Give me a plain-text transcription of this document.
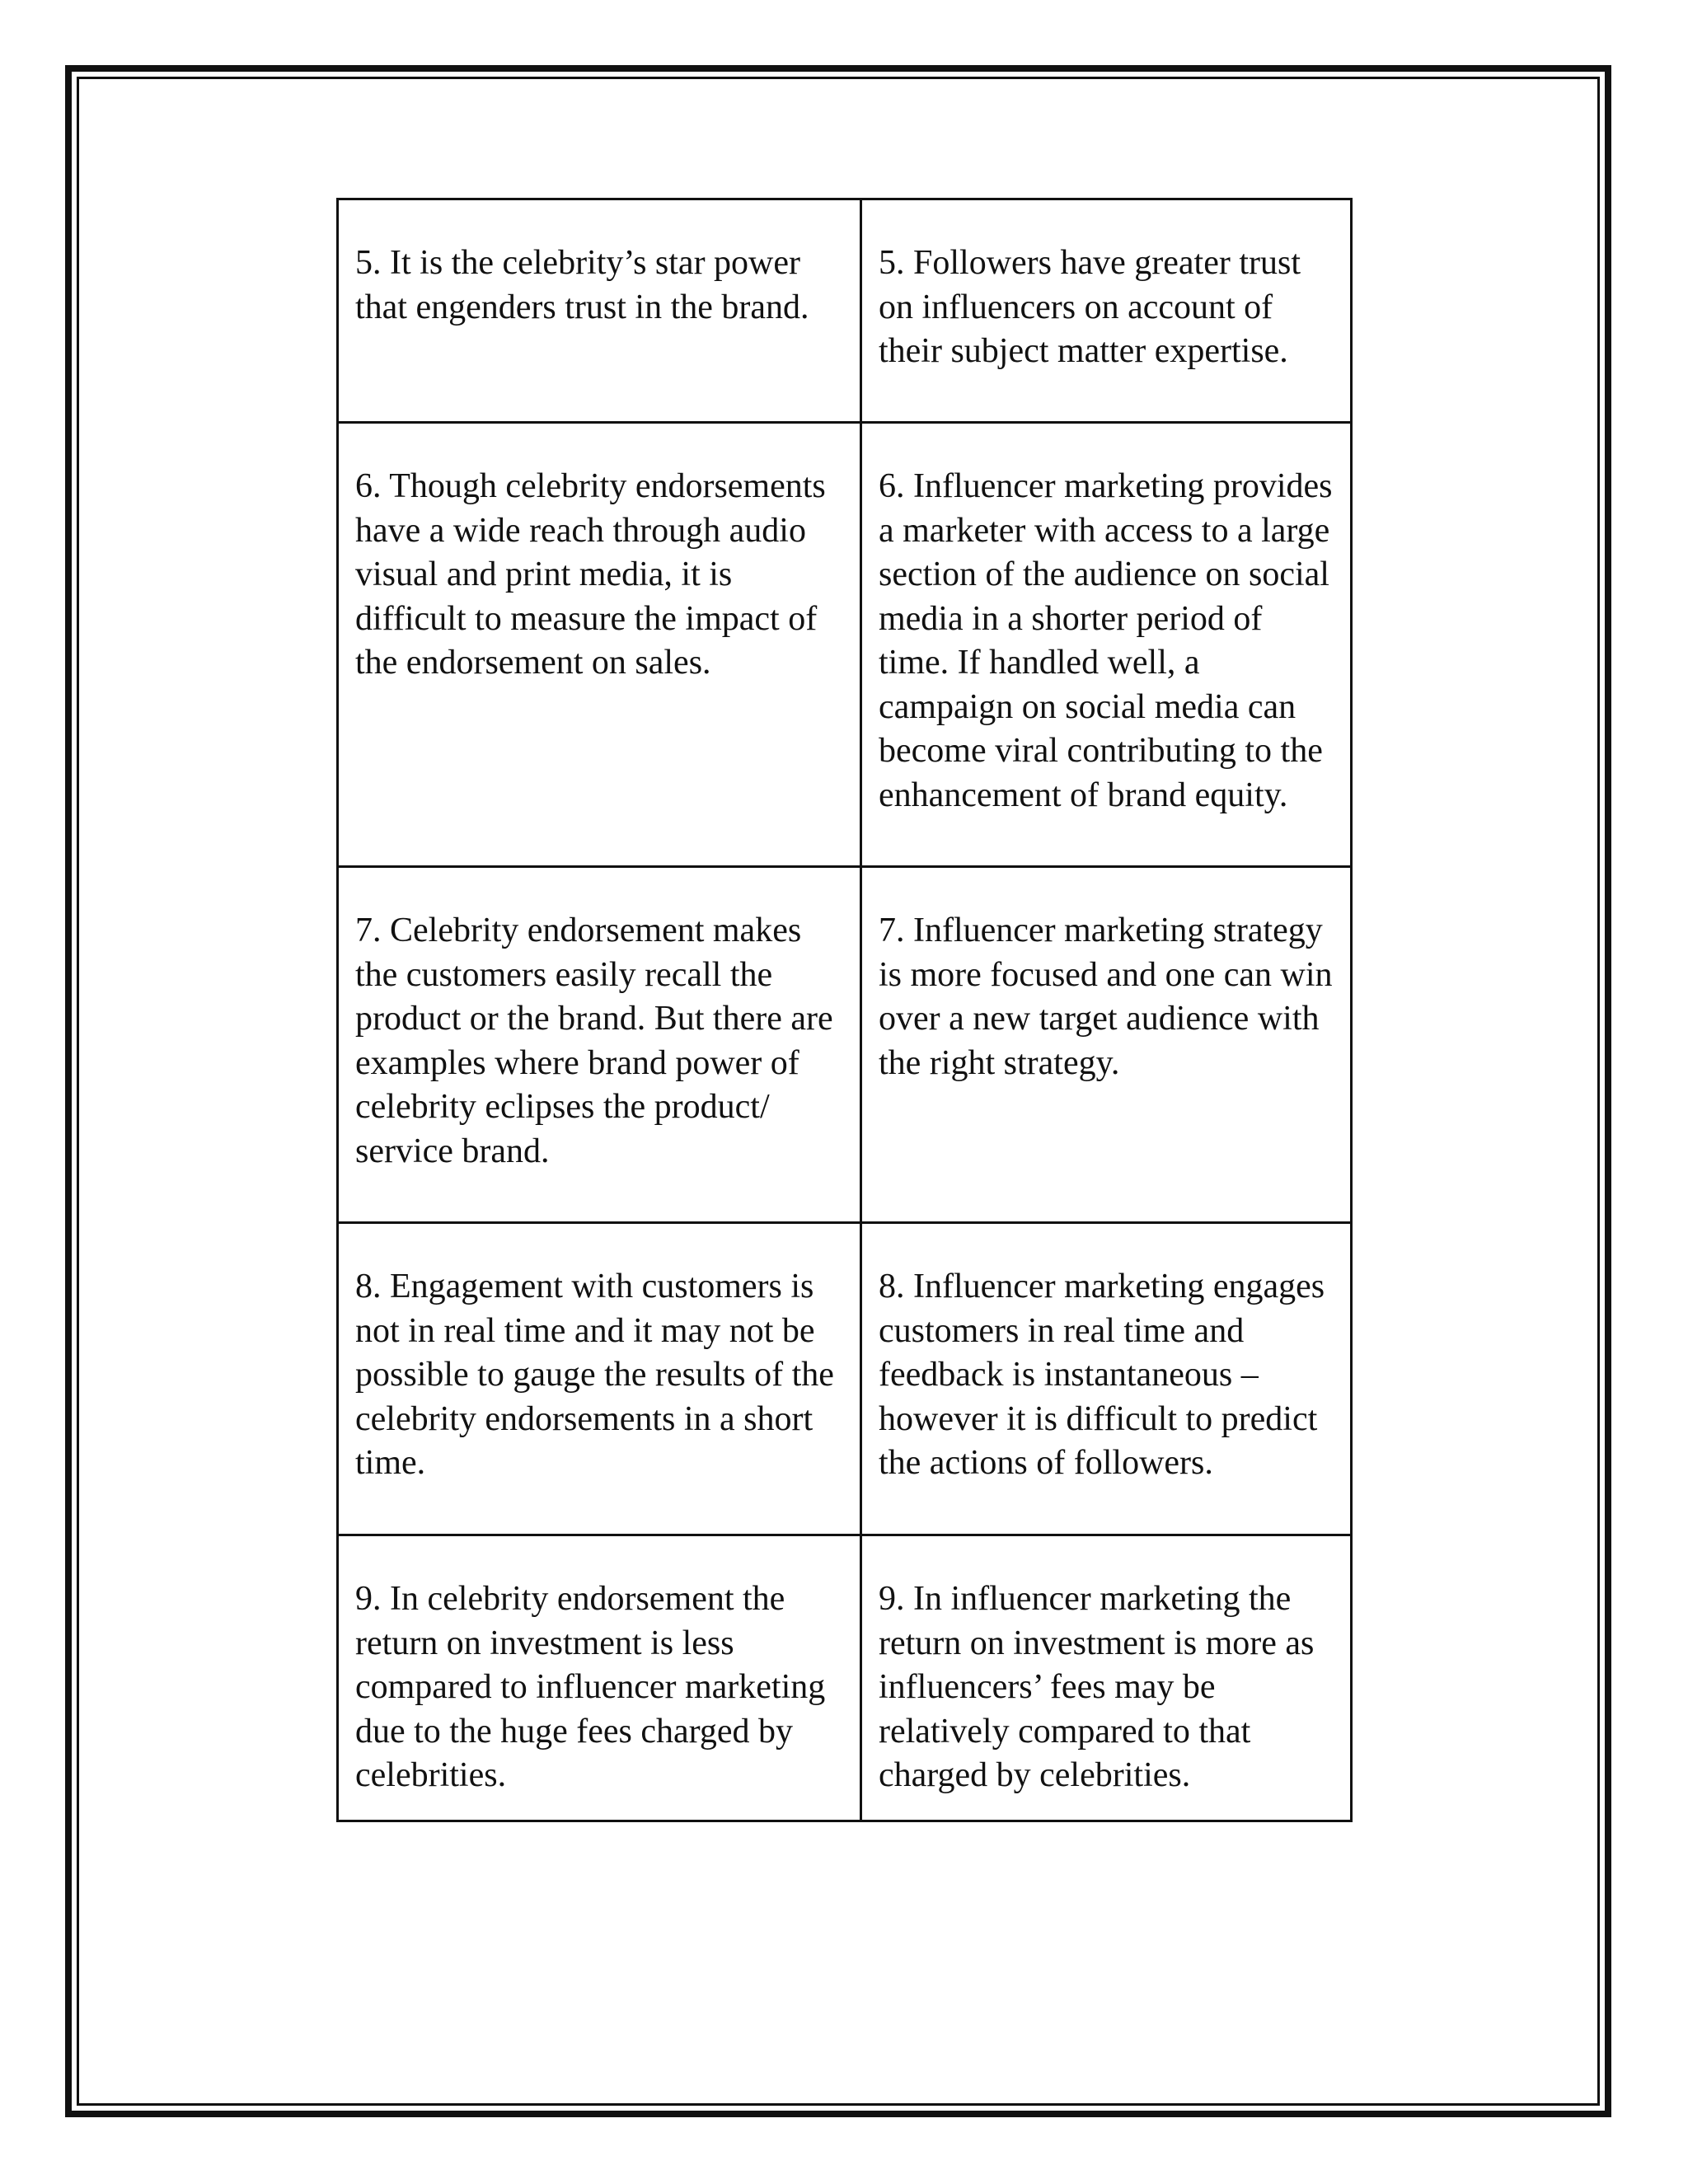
5. It is the celebrity’s star power that engenders trust in the brand.	5. Followers have greater trust on influencers on account of their subject matter expertise.
6. Though celebrity endorsements have a wide reach through audio visual and print media, it is difficult to measure the impact of the endorsement on sales.	6. Influencer marketing provides a marketer with access to a large section of the audience on social media in a shorter period of time. If handled well, a campaign on social media can become viral contributing to the enhancement of brand equity.
7. Celebrity endorsement makes the customers easily recall the product or the brand. But there are examples where brand power of celebrity eclipses the product/ service brand.	7. Influencer marketing strategy is more focused and one can win over a new target audience with the right strategy.
8. Engagement with customers is not in real time and it may not be possible to gauge the results of the celebrity endorsements in a short time.	8. Influencer marketing engages customers in real time and feedback is instantaneous – however it is difficult to predict the actions of followers.
9. In celebrity endorsement the return on investment is less compared to influencer marketing due to the huge fees charged by celebrities.	9. In influencer marketing the return on investment is more as influencers’ fees may be relatively compared to that charged by celebrities.
